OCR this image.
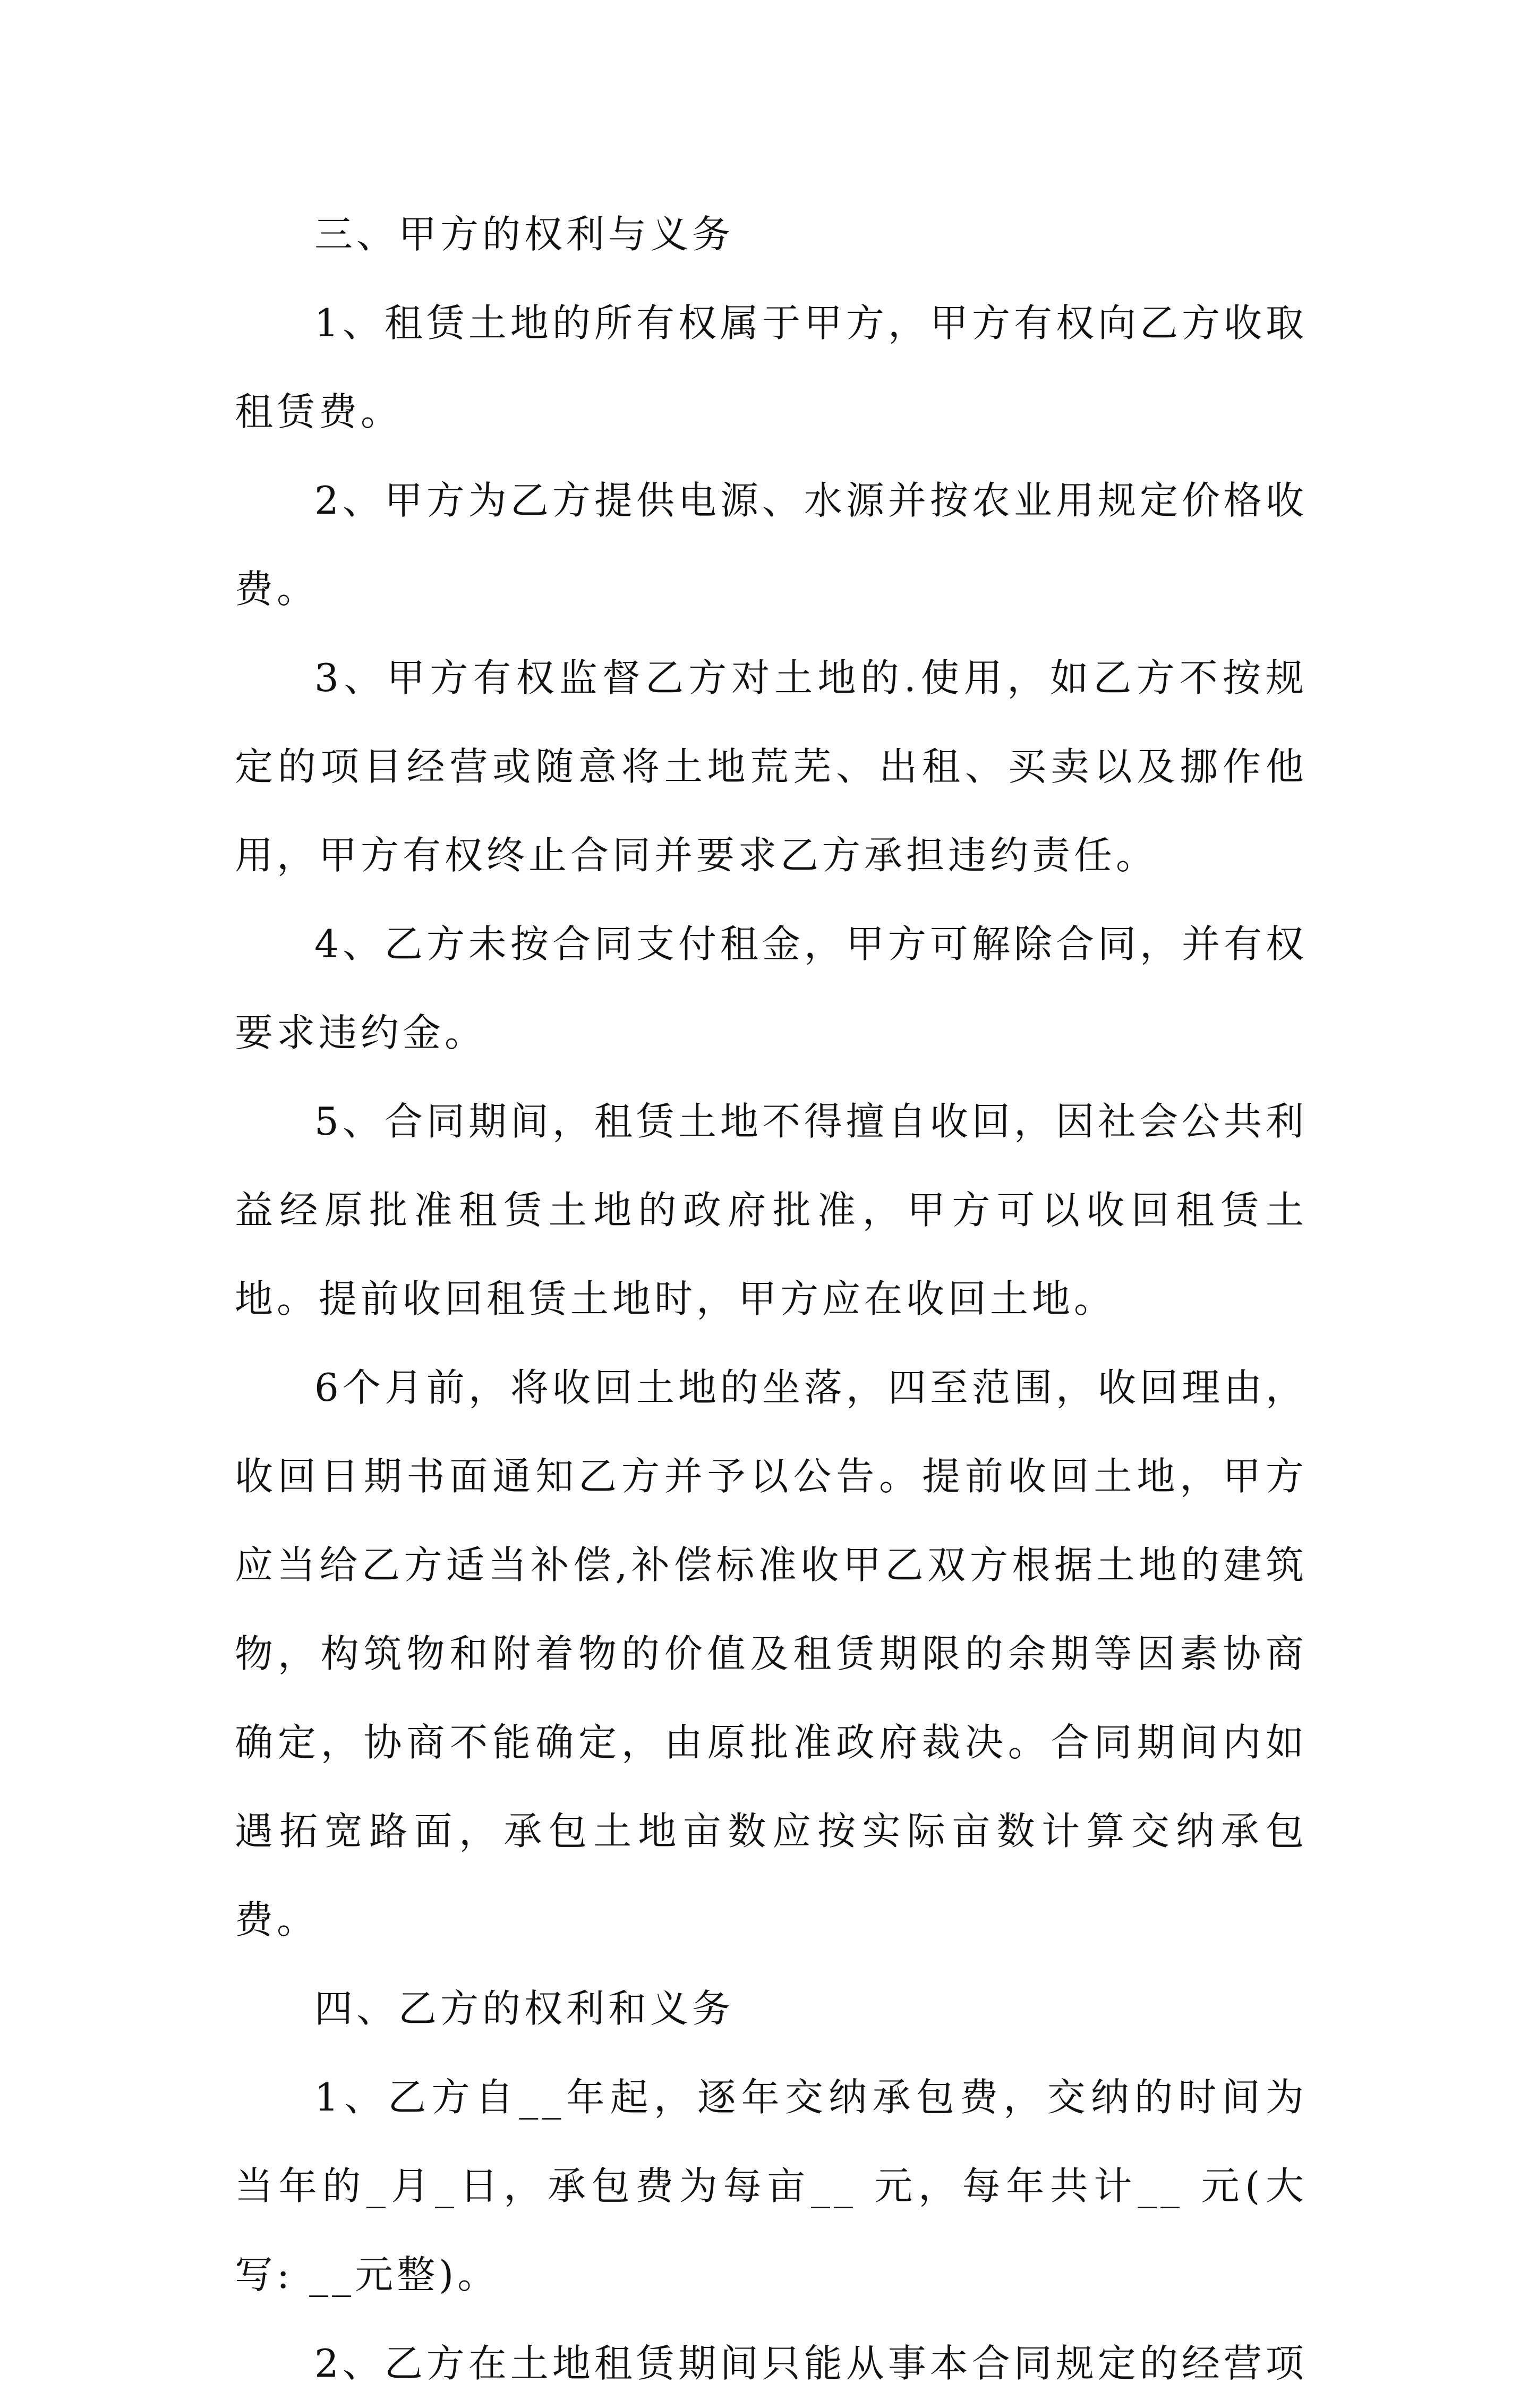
三、甲方的权利与义务

1、租赁土地的所有权属于甲方，甲方有权向乙方收取租赁费。

2、甲方为乙方提供电源、水源并按农业用规定价格收费。

3、甲方有权监督乙方对土地的.使用，如乙方不按规定的项目经营或随意将土地荒芜、出租、买卖以及挪作他用，甲方有权终止合同并要求乙方承担违约责任。

4、乙方未按合同支付租金，甲方可解除合同，并有权要求违约金。

5、合同期间，租赁土地不得擅自收回，因社会公共利益经原批准租赁土地的政府批准，甲方可以收回租赁土地。提前收回租赁土地时，甲方应在收回土地。

6个月前，将收回土地的坐落，四至范围，收回理由，收回日期书面通知乙方并予以公告。提前收回土地，甲方应当给乙方适当补偿,补偿标准收甲乙双方根据土地的建筑物，构筑物和附着物的价值及租赁期限的余期等因素协商确定，协商不能确定，由原批准政府裁决。合同期间内如遇拓宽路面，承包土地亩数应按实际亩数计算交纳承包费。

四、乙方的权利和义务

1、乙方自__年起，逐年交纳承包费，交纳的时间为当年的_月_日，承包费为每亩__ 元，每年共计__ 元(大写: __元整)。

2、乙方在土地租赁期间只能从事本合同规定的经营项
